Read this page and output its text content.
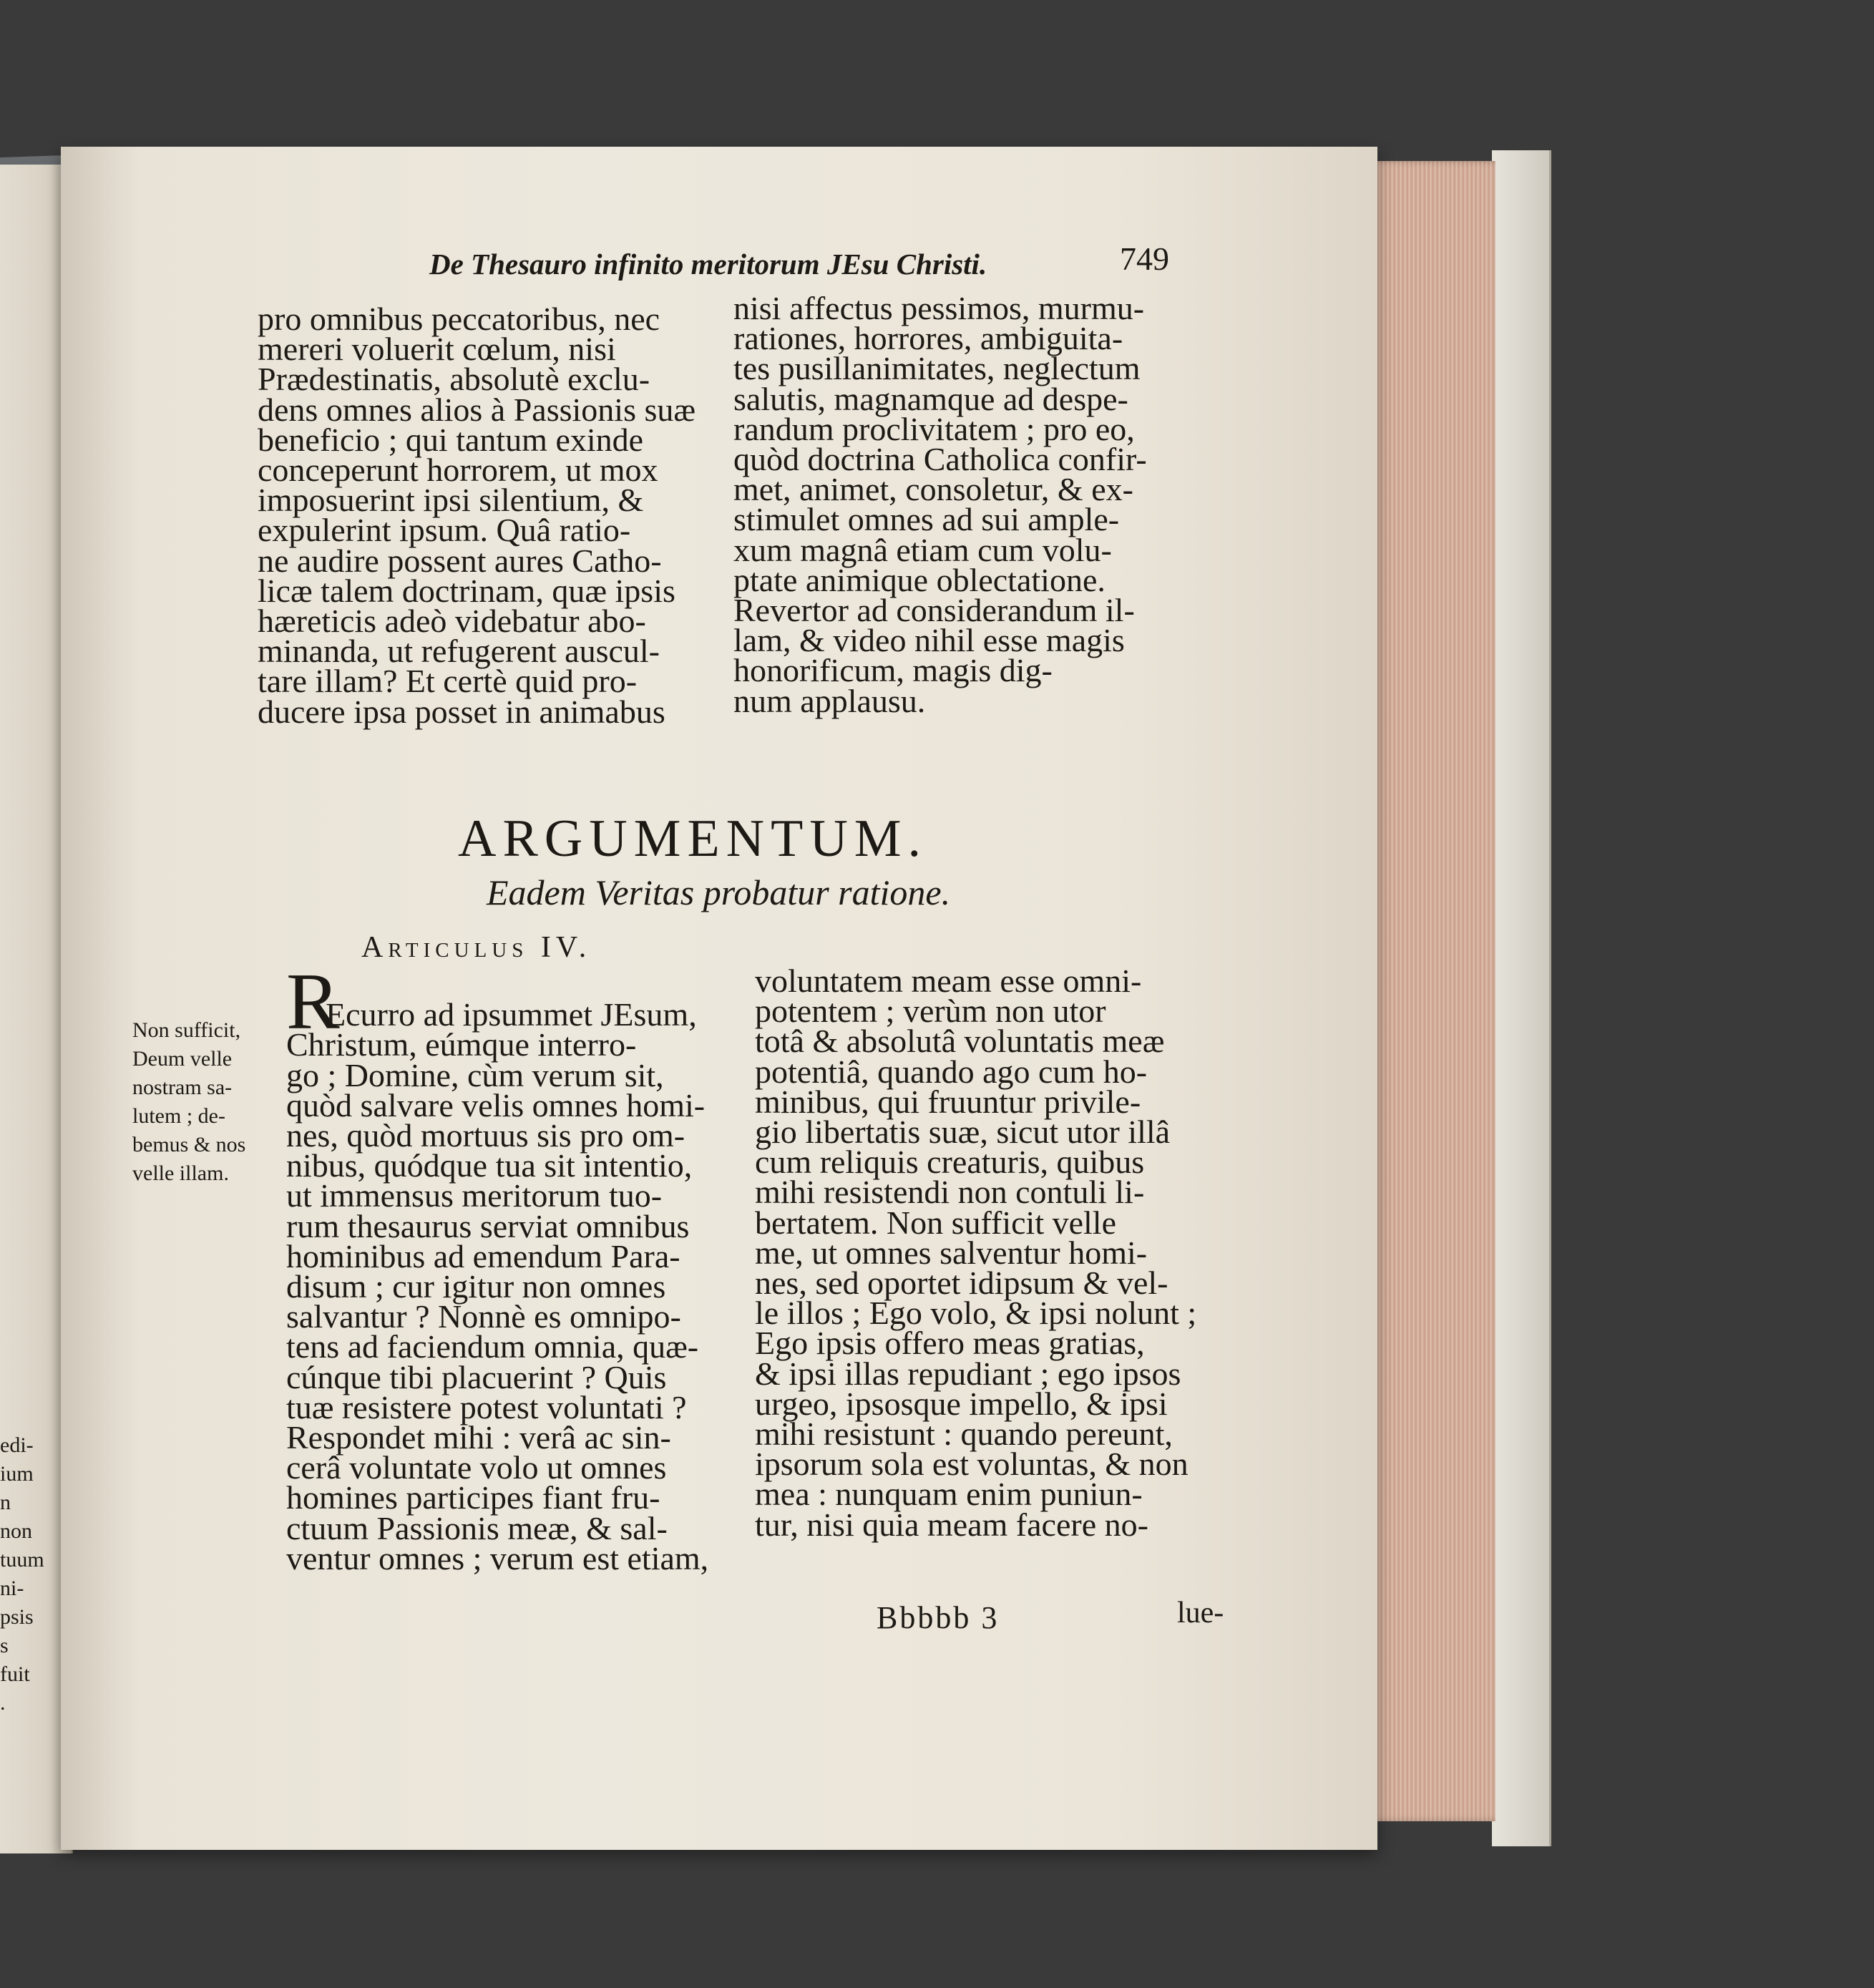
edi-
ium
n non
tuum
ni-
psis
s fuit
.
De Thesauro infinito meritorum JEsu Christi.	749
pro omnibus peccatoribus, nec
mereri voluerit cœlum, nisi
Prædestinatis, absolutè exclu-
dens omnes alios à Passionis suæ
beneficio ; qui tantum exinde
conceperunt horrorem, ut mox
imposuerint ipsi silentium, &
expulerint ipsum. Quâ ratio-
ne audire possent aures Catho-
licæ talem doctrinam, quæ ipsis
hæreticis adeò videbatur abo-
minanda, ut refugerent auscul-
tare illam? Et certè quid pro-
ducere ipsa posset in animabus
nisi affectus pessimos, murmu-
rationes, horrores, ambiguita-
tes pusillanimitates, neglectum
salutis, magnamque ad despe-
randum proclivitatem ; pro eo,
quòd doctrina Catholica confir-
met, animet, consoletur, & ex-
stimulet omnes ad sui ample-
xum magnâ etiam cum volu-
ptate animique oblectatione.
Revertor ad considerandum il-
lam, & video nihil esse magis
honorificum, magis dig-
num applausu.
ARGUMENTUM.
Eadem Veritas probatur ratione.
Articulus IV.
Non sufficit,
Deum velle
nostram sa-
lutem ; de-
bemus & nos
velle illam.
R

Ecurro ad ipsummet JEsum,
Christum, eúmque interro-
go ; Domine, cùm verum sit,
quòd salvare velis omnes homi-
nes, quòd mortuus sis pro om-
nibus, quódque tua sit intentio,
ut immensus meritorum tuo-
rum thesaurus serviat omnibus
hominibus ad emendum Para-
disum ; cur igitur non omnes
salvantur ? Nonnè es omnipo-
tens ad faciendum omnia, quæ-
cúnque tibi placuerint ? Quis
tuæ resistere potest voluntati ?
Respondet mihi : verâ ac sin-
cerâ voluntate volo ut omnes
homines participes fiant fru-
ctuum Passionis meæ, & sal-
ventur omnes ; verum est etiam,

voluntatem meam esse omni-
potentem ; verùm non utor
totâ & absolutâ voluntatis meæ
potentiâ, quando ago cum ho-
minibus, qui fruuntur privile-
gio libertatis suæ, sicut utor illâ
cum reliquis creaturis, quibus
mihi resistendi non contuli li-
bertatem. Non sufficit velle
me, ut omnes salventur homi-
nes, sed oportet idipsum & vel-
le illos ; Ego volo, & ipsi nolunt ;
Ego ipsis offero meas gratias,
& ipsi illas repudiant ; ego ipsos
urgeo, ipsosque impello, & ipsi
mihi resistunt : quando pereunt,
ipsorum sola est voluntas, & non
mea : nunquam enim puniun-
tur, nisi quia meam facere no-
Bbbbb 3	lue-
